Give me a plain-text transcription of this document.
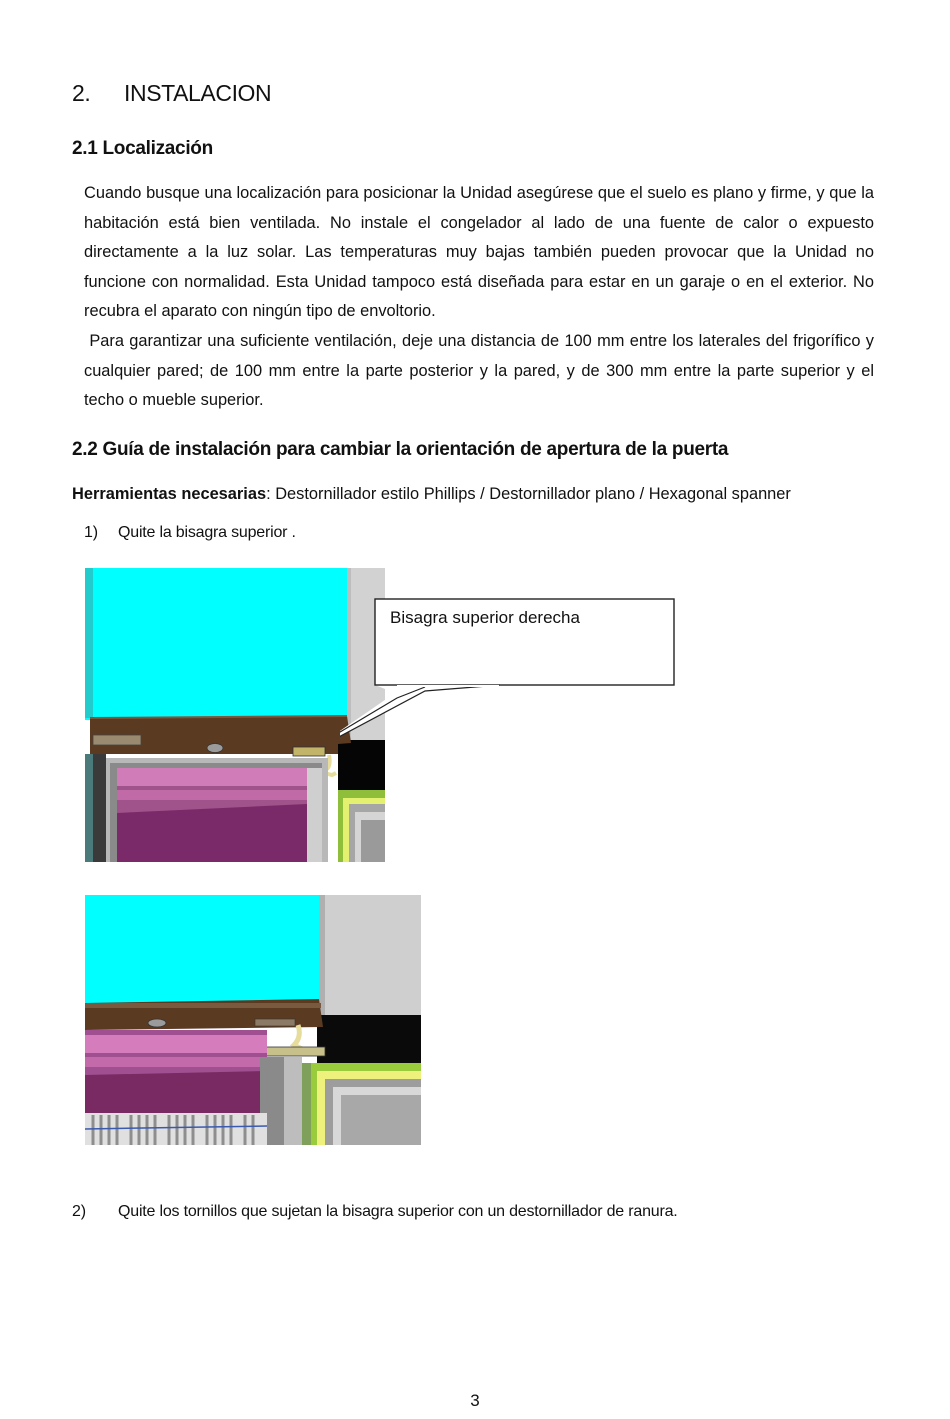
2. INSTALACION
2.1 Localización
Cuando busque una localización para posicionar la Unidad asegúrese que el suelo es plano y firme, y que la habitación está bien ventilada. No instale el congelador al lado de una fuente de calor o expuesto directamente a la luz solar. Las temperaturas muy bajas también pueden provocar que la Unidad no funcione con normalidad. Esta Unidad tampoco está diseñada para estar en un garaje o en el exterior. No recubra el aparato con ningún tipo de envoltorio.
Para garantizar una suficiente ventilación, deje una distancia de 100 mm entre los laterales del frigorífico y cualquier pared; de 100 mm entre la parte posterior y la pared, y de 300 mm entre la parte superior y el techo o mueble superior.
2.2 Guía de instalación para cambiar la orientación de apertura de la puerta
Herramientas necesarias: Destornillador estilo Phillips / Destornillador plano / Hexagonal spanner
1) Quite la bisagra superior .
Bisagra superior derecha
2) Quite los tornillos que sujetan la bisagra superior con un destornillador de ranura.
3
